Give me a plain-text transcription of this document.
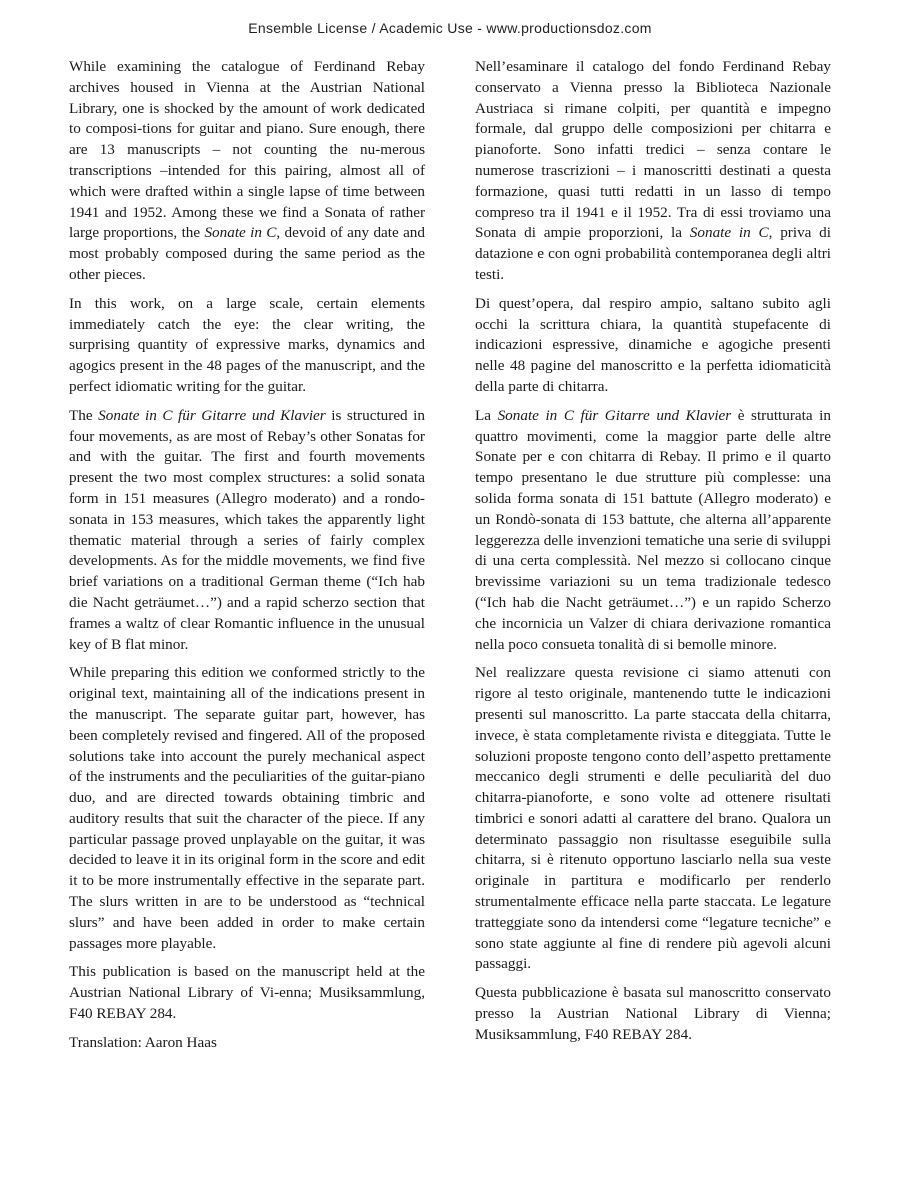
Ensemble License / Academic Use - www.productionsdoz.com

While examining the catalogue of Ferdinand Rebay archives housed in Vienna at the Austrian National Library, one is shocked by the amount of work dedicated to composi-tions for guitar and piano. Sure enough, there are 13 manuscripts – not counting the nu-merous transcriptions –intended for this pairing, almost all of which were drafted within a single lapse of time between 1941 and 1952. Among these we find a Sonata of rather large proportions, the Sonate in C, devoid of any date and most probably composed during the same period as the other pieces.

In this work, on a large scale, certain elements immediately catch the eye: the clear writing, the surprising quantity of expressive marks, dynamics and agogics present in the 48 pages of the manuscript, and the perfect idiomatic writing for the guitar.

The Sonate in C für Gitarre und Klavier is structured in four movements, as are most of Rebay’s other Sonatas for and with the guitar. The first and fourth movements present the two most complex structures: a solid sonata form in 151 measures (Allegro moderato) and a rondo-sonata in 153 measures, which takes the apparently light thematic material through a series of fairly complex developments. As for the middle movements, we find five brief variations on a traditional German theme (“Ich hab die Nacht geträumet…”) and a rapid scherzo section that frames a waltz of clear Romantic influence in the unusual key of B flat minor.

While preparing this edition we conformed strictly to the original text, maintaining all of the indications present in the manuscript. The separate guitar part, however, has been completely revised and fingered. All of the proposed solutions take into account the purely mechanical aspect of the instruments and the peculiarities of the guitar-piano duo, and are directed towards obtaining timbric and auditory results that suit the character of the piece. If any particular passage proved unplayable on the guitar, it was decided to leave it in its original form in the score and edit it to be more instrumentally effective in the separate part. The slurs written in are to be understood as “technical slurs” and have been added in order to make certain passages more playable.

This publication is based on the manuscript held at the Austrian National Library of Vi-enna; Musiksammlung, F40 REBAY 284.

Translation: Aaron Haas

Nell’esaminare il catalogo del fondo Ferdinand Rebay conservato a Vienna presso la Biblioteca Nazionale Austriaca si rimane colpiti, per quantità e impegno formale, dal gruppo delle composizioni per chitarra e pianoforte. Sono infatti tredici – senza contare le numerose trascrizioni – i manoscritti destinati a questa formazione, quasi tutti redatti in un lasso di tempo compreso tra il 1941 e il 1952. Tra di essi troviamo una Sonata di ampie proporzioni, la Sonate in C, priva di datazione e con ogni probabilità contemporanea degli altri testi.

Di quest’opera, dal respiro ampio, saltano subito agli occhi la scrittura chiara, la quantità stupefacente di indicazioni espressive, dinamiche e agogiche presenti nelle 48 pagine del manoscritto e la perfetta idiomaticità della parte di chitarra.

La Sonate in C für Gitarre und Klavier è strutturata in quattro movimenti, come la maggior parte delle altre Sonate per e con chitarra di Rebay. Il primo e il quarto tempo presentano le due strutture più complesse: una solida forma sonata di 151 battute (Allegro moderato) e un Rondò-sonata di 153 battute, che alterna all’apparente leggerezza delle invenzioni tematiche una serie di sviluppi di una certa complessità. Nel mezzo si collocano cinque brevissime variazioni su un tema tradizionale tedesco (“Ich hab die Nacht geträumet…”) e un rapido Scherzo che incornicia un Valzer di chiara derivazione romantica nella poco consueta tonalità di si bemolle minore.

Nel realizzare questa revisione ci siamo attenuti con rigore al testo originale, mantenendo tutte le indicazioni presenti sul manoscritto. La parte staccata della chitarra, invece, è stata completamente rivista e diteggiata. Tutte le soluzioni proposte tengono conto dell’aspetto prettamente meccanico degli strumenti e delle peculiarità del duo chitarra-pianoforte, e sono volte ad ottenere risultati timbrici e sonori adatti al carattere del brano. Qualora un determinato passaggio non risultasse eseguibile sulla chitarra, si è ritenuto opportuno lasciarlo nella sua veste originale in partitura e modificarlo per renderlo strumentalmente efficace nella parte staccata. Le legature tratteggiate sono da intendersi come “legature tecniche” e sono state aggiunte al fine di rendere più agevoli alcuni passaggi.

Questa pubblicazione è basata sul manoscritto conservato presso la Austrian National Library di Vienna; Musiksammlung, F40 REBAY 284.
